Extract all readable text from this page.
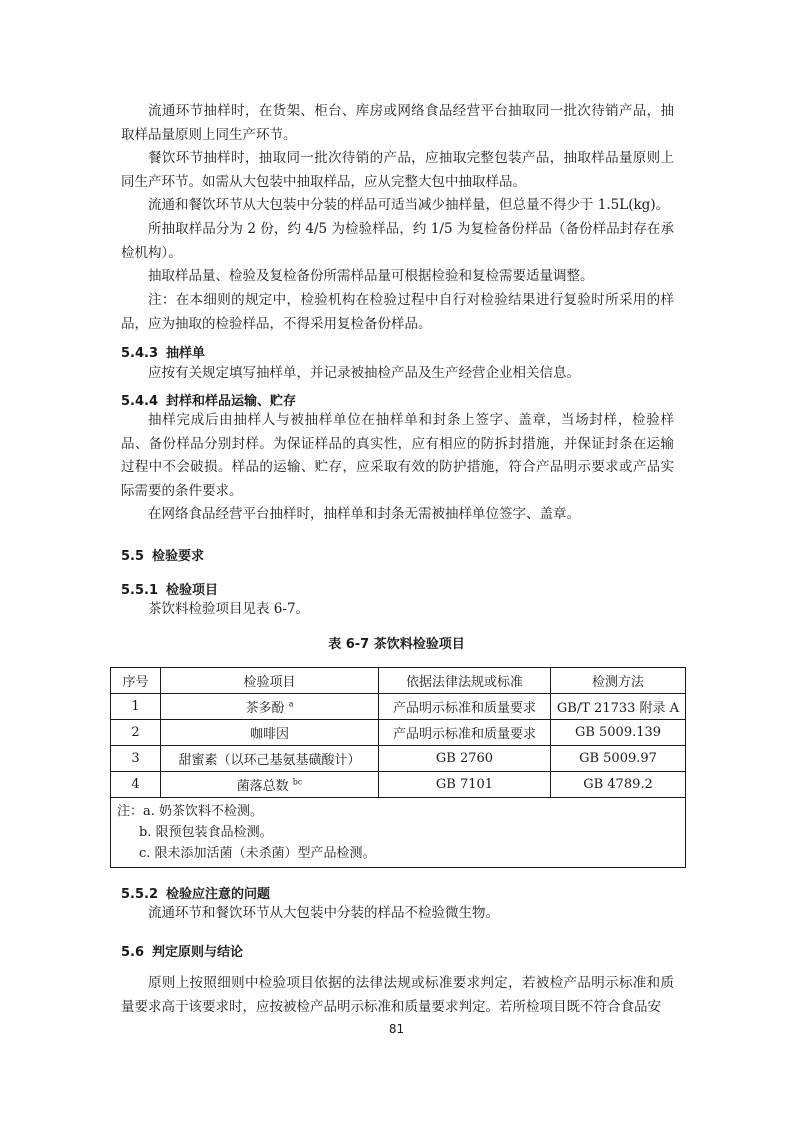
流通环节抽样时，在货架、柜台、库房或网络食品经营平台抽取同一批次待销产品，抽取样品量原则上同生产环节。

餐饮环节抽样时，抽取同一批次待销的产品，应抽取完整包装产品，抽取样品量原则上同生产环节。如需从大包装中抽取样品，应从完整大包中抽取样品。

流通和餐饮环节从大包装中分装的样品可适当减少抽样量，但总量不得少于 1.5L(kg)。

所抽取样品分为 2 份，约 4/5 为检验样品，约 1/5 为复检备份样品（备份样品封存在承检机构）。

抽取样品量、检验及复检备份所需样品量可根据检验和复检需要适量调整。

注：在本细则的规定中，检验机构在检验过程中自行对检验结果进行复验时所采用的样品，应为抽取的检验样品，不得采用复检备份样品。

5.4.3 抽样单

应按有关规定填写抽样单，并记录被抽检产品及生产经营企业相关信息。

5.4.4 封样和样品运输、贮存

抽样完成后由抽样人与被抽样单位在抽样单和封条上签字、盖章，当场封样，检验样品、备份样品分别封样。为保证样品的真实性，应有相应的防拆封措施，并保证封条在运输过程中不会破损。样品的运输、贮存，应采取有效的防护措施，符合产品明示要求或产品实际需要的条件要求。

在网络食品经营平台抽样时，抽样单和封条无需被抽样单位签字、盖章。

5.5 检验要求
5.5.1 检验项目

茶饮料检验项目见表 6-7。

表 6-7 茶饮料检验项目

序号	检验项目	依据法律法规或标准	检测方法
1	茶多酚 $^a$	产品明示标准和质量要求	GB/T 21733 附录 A
2	咖啡因	产品明示标准和质量要求	GB 5009.139
3	甜蜜素（以环己基氨基磺酸计）	GB 2760	GB 5009.97
4	菌落总数 $^{bc}$	GB 7101	GB 4789.2

注：a. 奶茶饮料不检测。
b. 限预包装食品检测。
c. 限未添加活菌（未杀菌）型产品检测。			
5.5.2 检验应注意的问题

流通环节和餐饮环节从大包装中分装的样品不检验微生物。

5.6 判定原则与结论

原则上按照细则中检验项目依据的法律法规或标准要求判定，若被检产品明示标准和质量要求高于该要求时，应按被检产品明示标准和质量要求判定。若所检项目既不符合食品安

81
